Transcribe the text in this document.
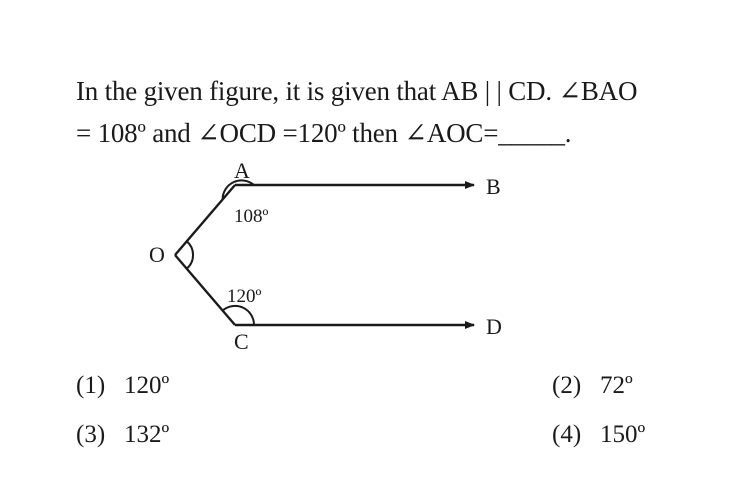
In the given figure, it is given that AB | | CD. ∠BAO
= 108º and ∠OCD =120º then ∠AOC=_____.
A
B
C
D
O
108º
120º
(1) 120º	(2) 72º
(3) 132º	(4) 150º
